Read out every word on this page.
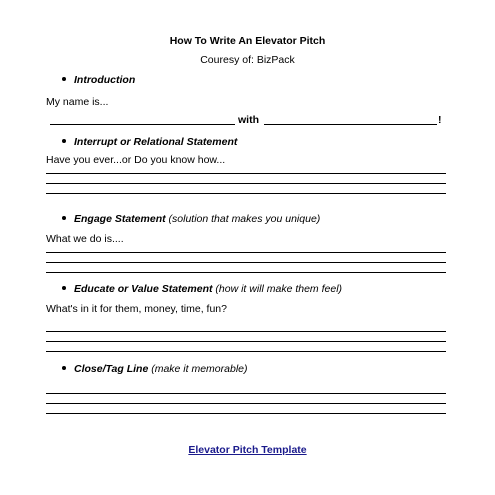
How To Write An Elevator Pitch
Couresy of: BizPack
Introduction
My name is...
with	!
Interrupt or Relational Statement
Have you ever...or Do you know how...
Engage Statement (solution that makes you unique)
What we do is....
Educate or Value Statement (how it will make them feel)
What's in it for them, money, time, fun?
Close/Tag Line (make it memorable)
Elevator Pitch Template
